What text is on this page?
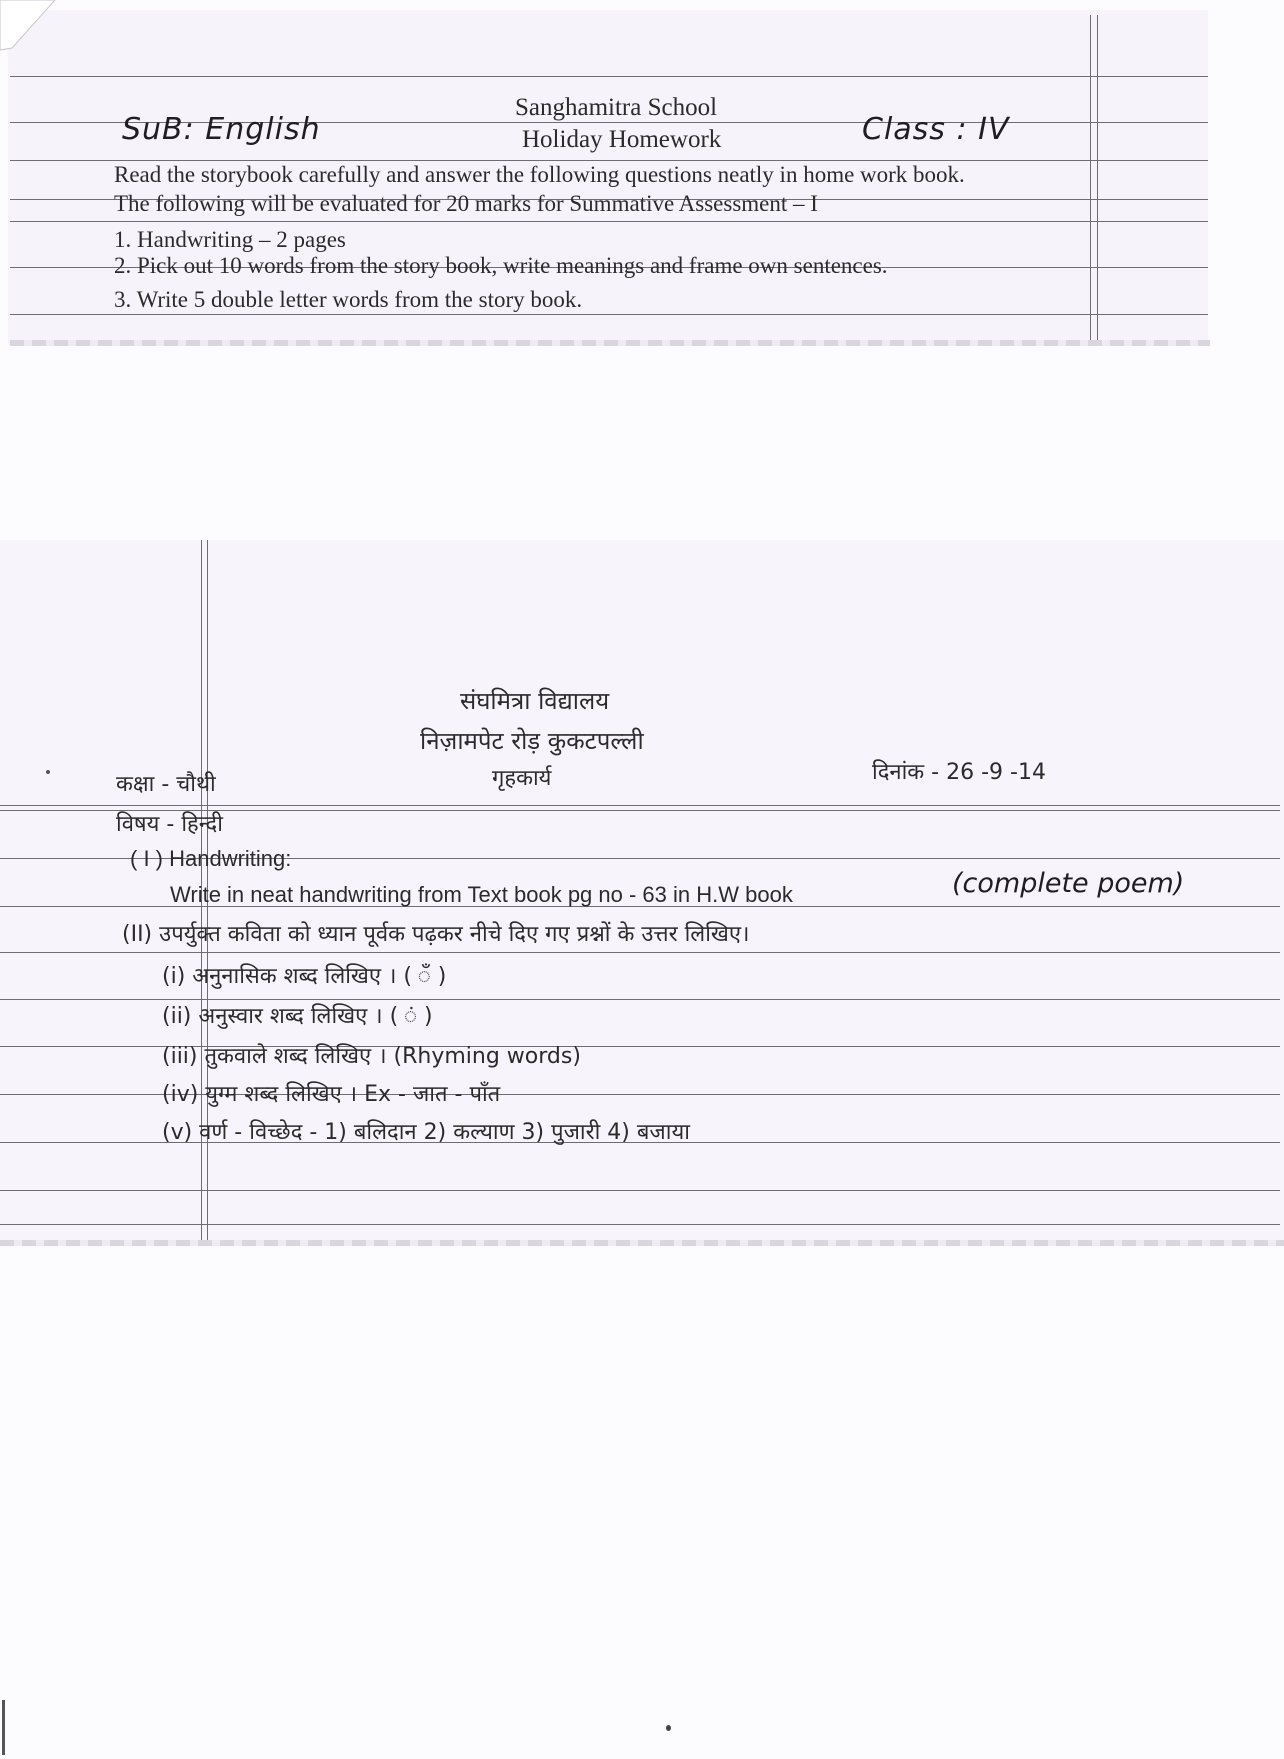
SuB: English
Sanghamitra School
Holiday Homework	Class : IV
Read the storybook carefully and answer the following questions neatly in home work book.
The following will be evaluated for 20 marks for Summative Assessment – I
1. Handwriting – 2 pages
2. Pick out 10 words from the story book, write meanings and frame own sentences.
3. Write 5 double letter words from the story book.
संघमित्रा विद्यालय
निज़ामपेट रोड़ कुकटपल्ली
कक्षा - चौथी	गृहकार्य	दिनांक - 26 -9 -14
विषय - हिन्दी
( I ) Handwriting:
Write in neat handwriting from Text book pg no - 63 in H.W book	(complete poem)
(II) उपर्युक्त कविता को ध्यान पूर्वक पढ़कर नीचे दिए गए प्रश्नों के उत्तर लिखिए।
(i) अनुनासिक शब्द लिखिए । ( ँ )
(ii) अनुस्वार शब्द लिखिए । ( ं )
(iii) तुकवाले शब्द लिखिए । (Rhyming words)
(iv) युग्म शब्द लिखिए । Ex - जात - पाँत
(v) वर्ण - विच्छेद - 1) बलिदान 2) कल्याण 3) पुजारी 4) बजाया
